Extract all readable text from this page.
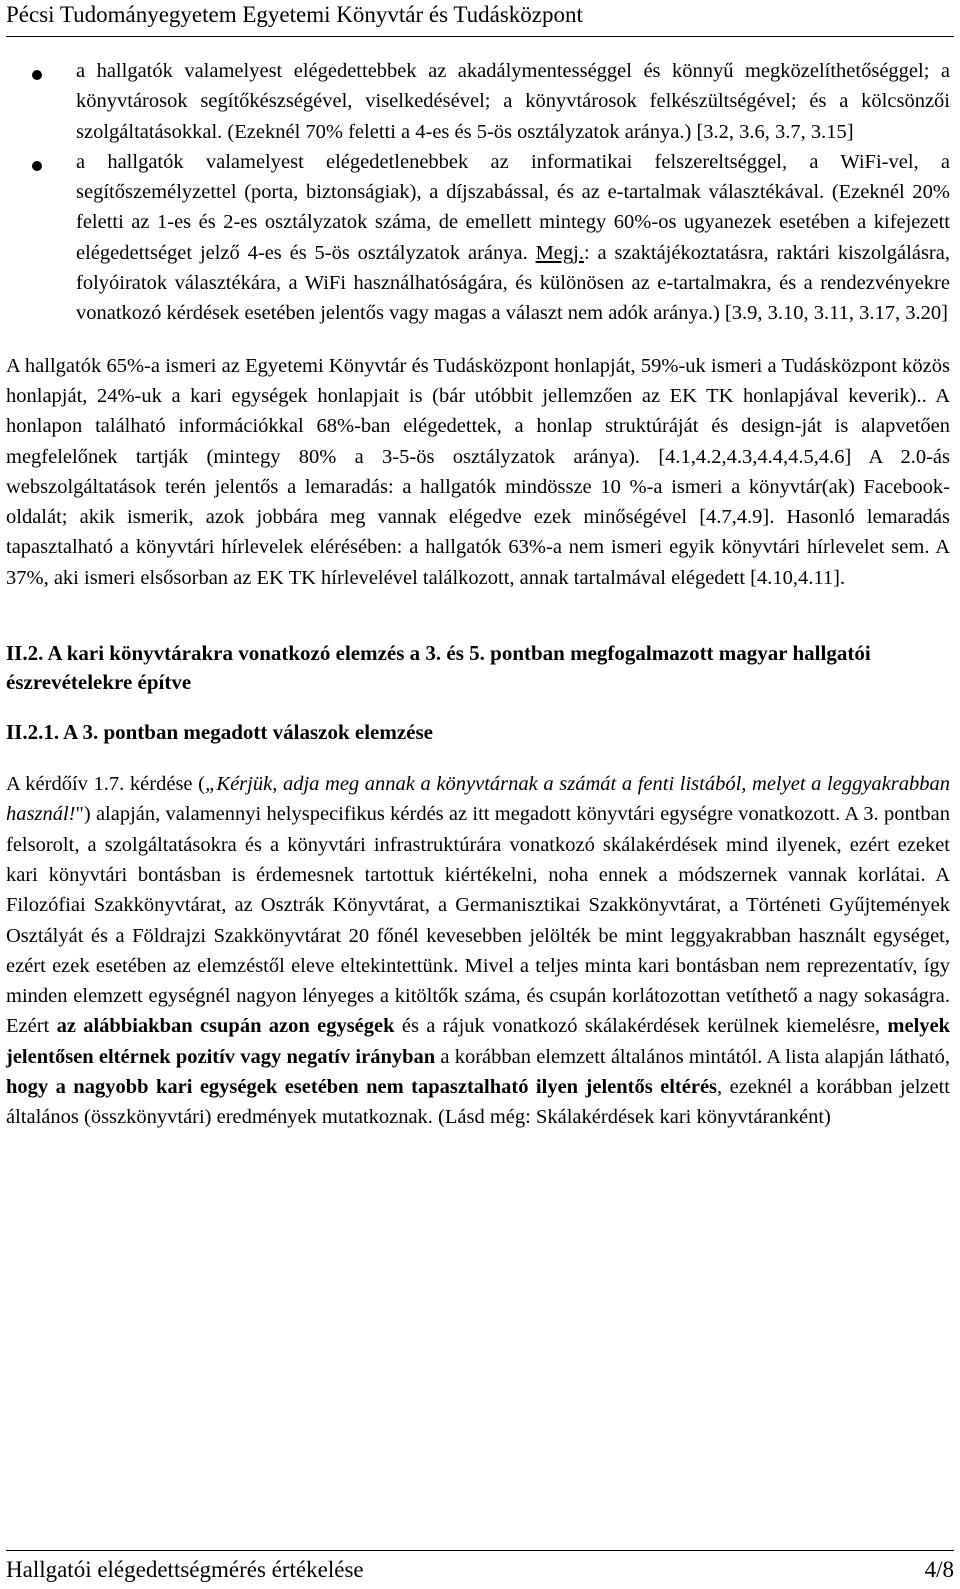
Pécsi Tudományegyetem Egyetemi Könyvtár és Tudásközpont

a hallgatók valamelyest elégedettebbek az akadálymentességgel és könnyű megközelíthetőséggel; a könyvtárosok segítőkészségével, viselkedésével; a könyvtárosok felkészültségével; és a kölcsönzői szolgáltatásokkal. (Ezeknél 70% feletti a 4-es és 5-ös osztályzatok aránya.) [3.2, 3.6, 3.7, 3.15]

a hallgatók valamelyest elégedetlenebbek az informatikai felszereltséggel, a WiFi-vel, a segítőszemélyzettel (porta, biztonságiak), a díjszabással, és az e-tartalmak választékával. (Ezeknél 20% feletti az 1-es és 2-es osztályzatok száma, de emellett mintegy 60%-os ugyanezek esetében a kifejezett elégedettséget jelző 4-es és 5-ös osztályzatok aránya. Megj.: a szaktájékoztatásra, raktári kiszolgálásra, folyóiratok választékára, a WiFi használhatóságára, és különösen az e-tartalmakra, és a rendezvényekre vonatkozó kérdések esetében jelentős vagy magas a választ nem adók aránya.) [3.9, 3.10, 3.11, 3.17, 3.20]

A hallgatók 65%-a ismeri az Egyetemi Könyvtár és Tudásközpont honlapját, 59%-uk ismeri a Tudásközpont közös honlapját, 24%-uk a kari egységek honlapjait is (bár utóbbit jellemzően az EK TK honlapjával keverik).. A honlapon található információkkal 68%-ban elégedettek, a honlap struktúráját és design-ját is alapvetően megfelelőnek tartják (mintegy 80% a 3-5-ös osztályzatok aránya). [4.1,4.2,4.3,4.4,4.5,4.6] A 2.0-ás webszolgáltatások terén jelentős a lemaradás: a hallgatók mindössze 10 %-a ismeri a könyvtár(ak) Facebook-oldalát; akik ismerik, azok jobbára meg vannak elégedve ezek minőségével [4.7,4.9]. Hasonló lemaradás tapasztalható a könyvtári hírlevelek elérésében: a hallgatók 63%-a nem ismeri egyik könyvtári hírlevelet sem. A 37%, aki ismeri elsősorban az EK TK hírlevelével találkozott, annak tartalmával elégedett [4.10,4.11].

II.2. A kari könyvtárakra vonatkozó elemzés a 3. és 5. pontban megfogalmazott magyar hallgatói észrevételekre építve
II.2.1. A 3. pontban megadott válaszok elemzése

A kérdőív 1.7. kérdése („Kérjük, adja meg annak a könyvtárnak a számát a fenti listából, melyet a leggyakrabban használ!") alapján, valamennyi helyspecifikus kérdés az itt megadott könyvtári egységre vonatkozott. A 3. pontban felsorolt, a szolgáltatásokra és a könyvtári infrastruktúrára vonatkozó skálakérdések mind ilyenek, ezért ezeket kari könyvtári bontásban is érdemesnek tartottuk kiértékelni, noha ennek a módszernek vannak korlátai. A Filozófiai Szakkönyvtárat, az Osztrák Könyvtárat, a Germanisztikai Szakkönyvtárat, a Történeti Gyűjtemények Osztályát és a Földrajzi Szakkönyvtárat 20 főnél kevesebben jelölték be mint leggyakrabban használt egységet, ezért ezek esetében az elemzéstől eleve eltekintettünk. Mivel a teljes minta kari bontásban nem reprezentatív, így minden elemzett egységnél nagyon lényeges a kitöltők száma, és csupán korlátozottan vetíthető a nagy sokaságra. Ezért az alábbiakban csupán azon egységek és a rájuk vonatkozó skálakérdések kerülnek kiemelésre, melyek jelentősen eltérnek pozitív vagy negatív irányban a korábban elemzett általános mintától. A lista alapján látható, hogy a nagyobb kari egységek esetében nem tapasztalható ilyen jelentős eltérés, ezeknél a korábban jelzett általános (összkönyvtári) eredmények mutatkoznak. (Lásd még: Skálakérdések kari könyvtáranként)

Hallgatói elégedettségmérés értékelése	4/8
